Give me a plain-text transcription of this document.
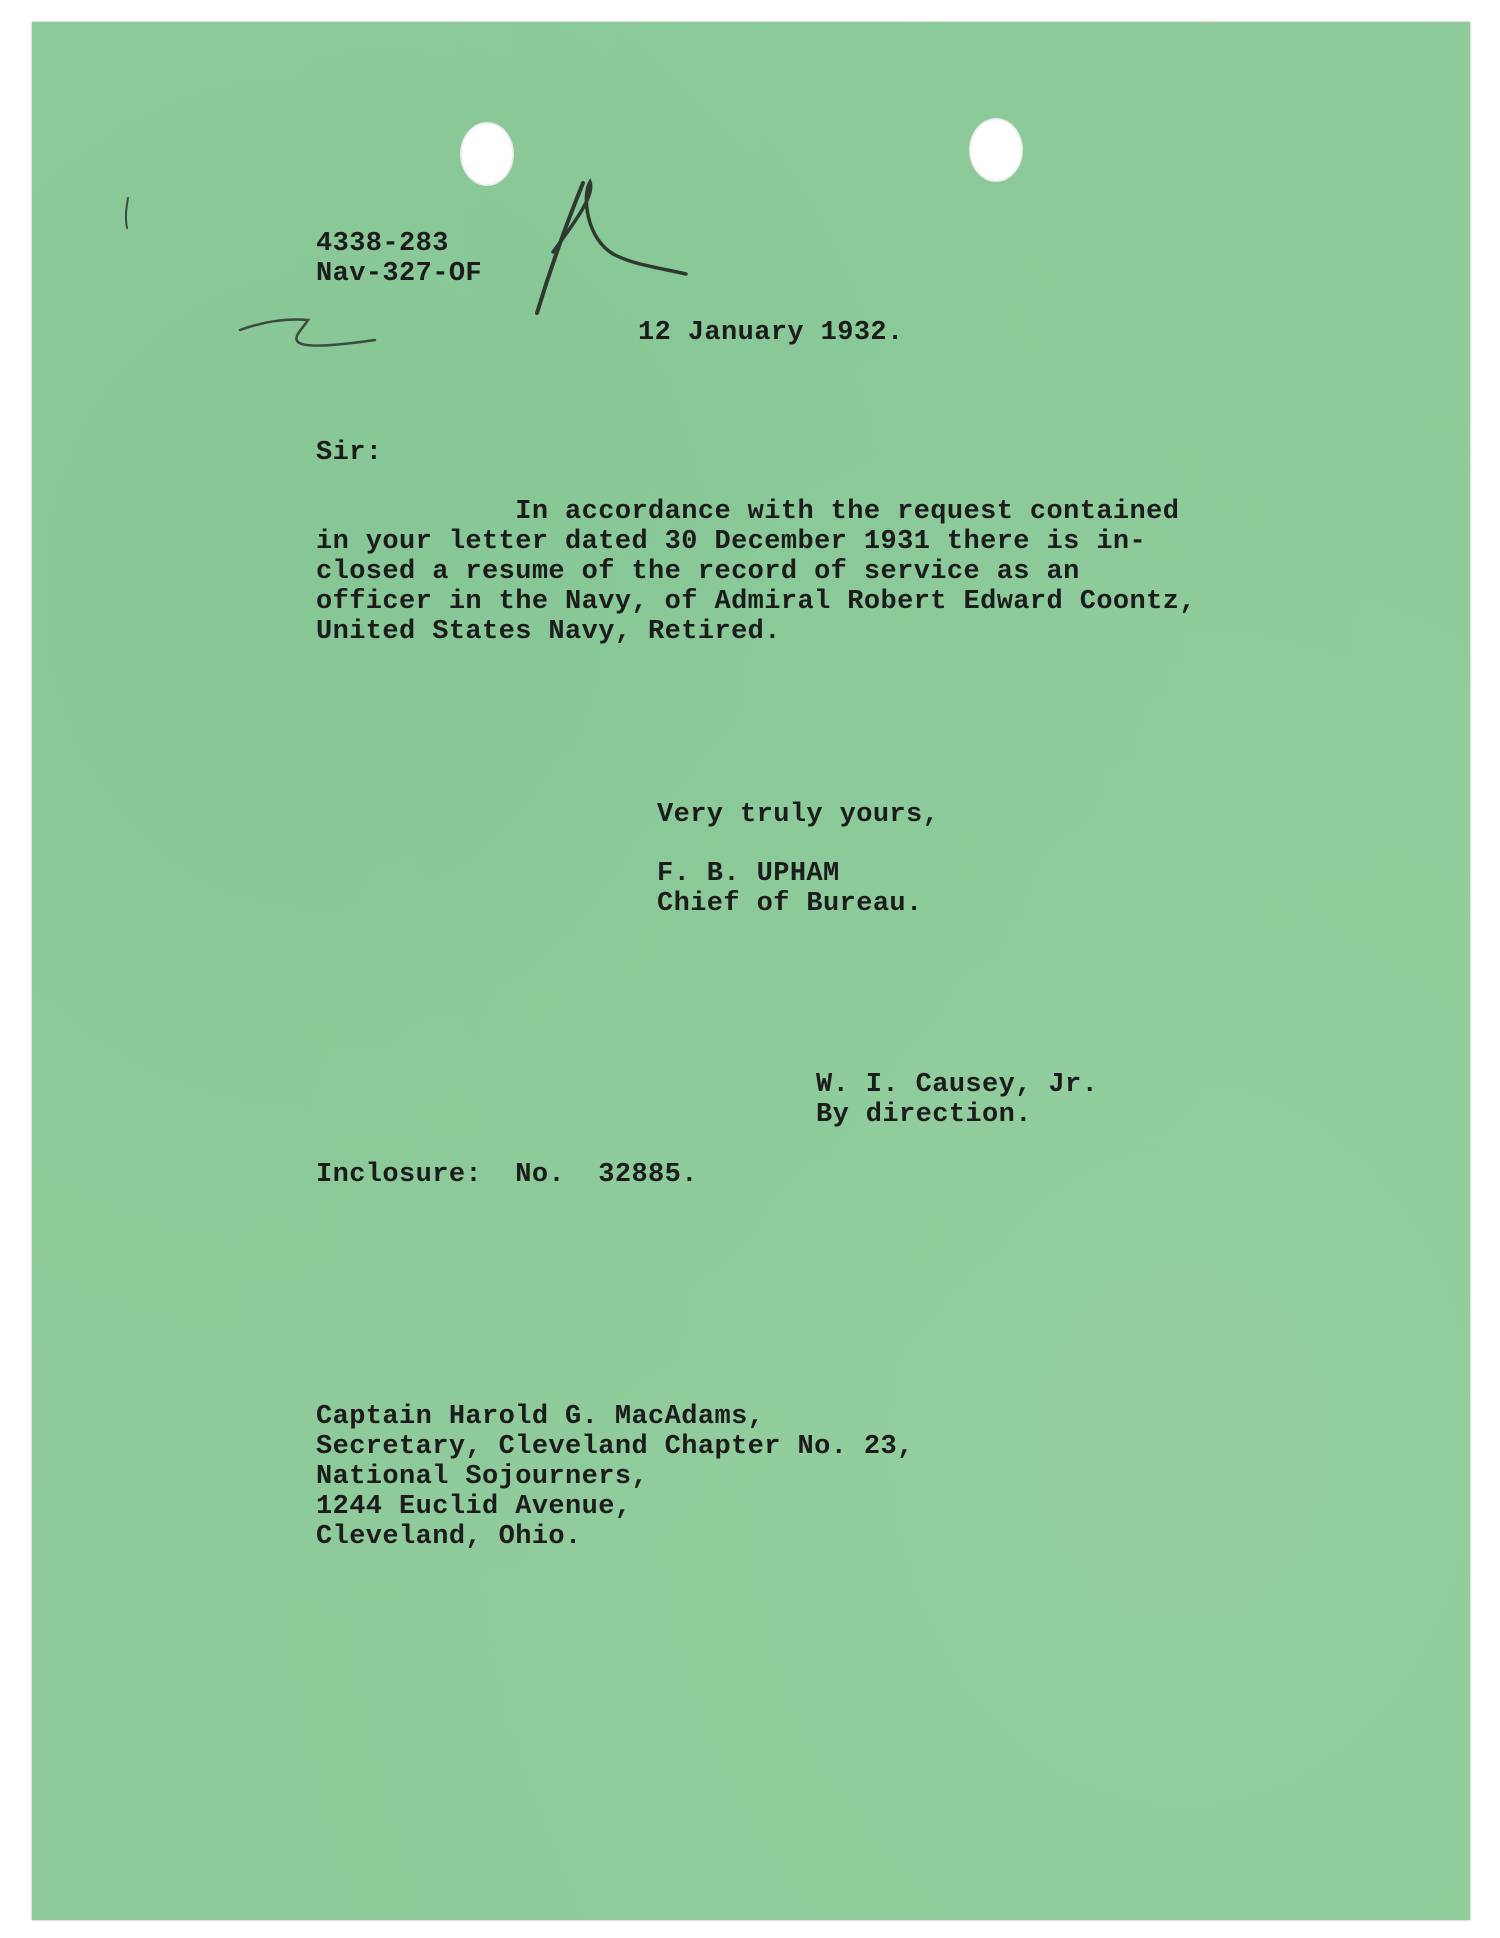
4338-283
Nav-327-OF
12 January 1932.
Sir:
In accordance with the request contained
in your letter dated 30 December 1931 there is in-
closed a resume of the record of service as an
officer in the Navy, of Admiral Robert Edward Coontz,
United States Navy, Retired.
Very truly yours,
F. B. UPHAM
Chief of Bureau.
W. I. Causey, Jr.
By direction.
Inclosure:  No.  32885.
Captain Harold G. MacAdams,
Secretary, Cleveland Chapter No. 23,
National Sojourners,
1244 Euclid Avenue,
Cleveland, Ohio.
